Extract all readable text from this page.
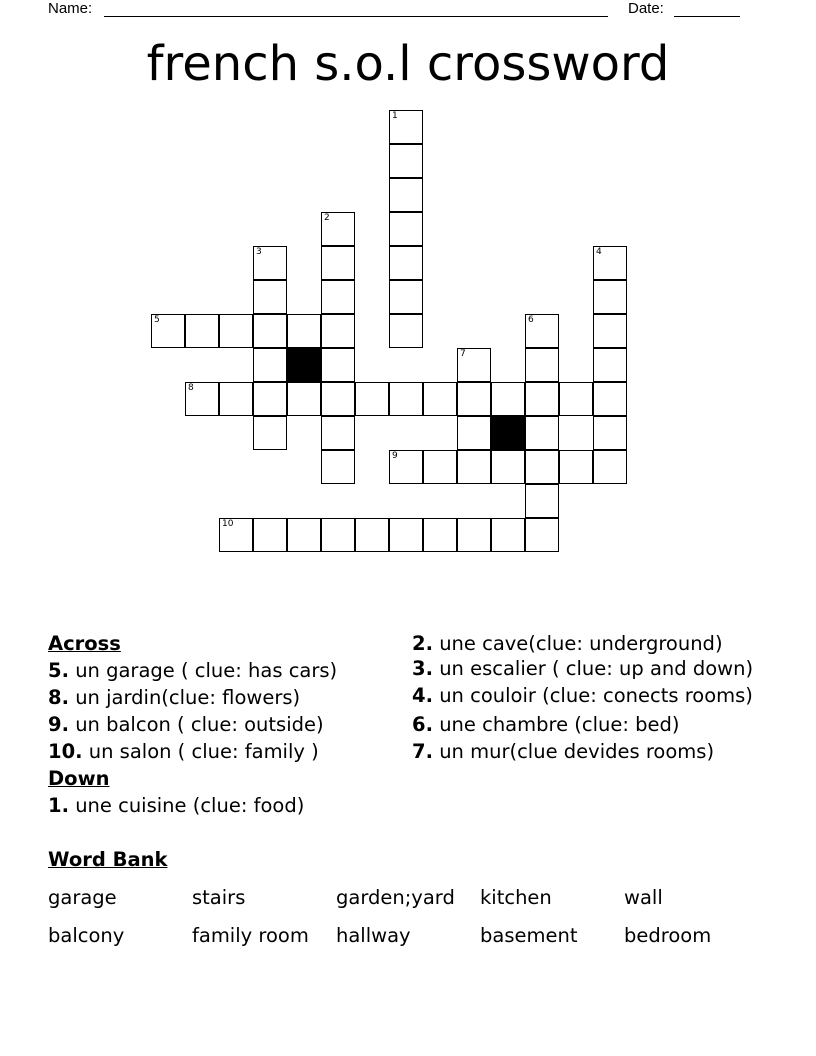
Name:	Date:
french s.o.l crossword
1
2
3	4
5	6
7
8
9
10

Across

5. un garage ( clue: has cars)

8. un jardin(clue: flowers)

9. un balcon ( clue: outside)

10. un salon ( clue: family )

Down

1. une cuisine (clue: food)

2. une cave(clue: underground)

3. un escalier ( clue: up and down)

4. un couloir (clue: conects rooms)

6. une chambre (clue: bed)

7. un mur(clue devides rooms)

Word Bank
garage	stairs	garden;yard	kitchen	wall
balcony	family room	hallway	basement	bedroom
